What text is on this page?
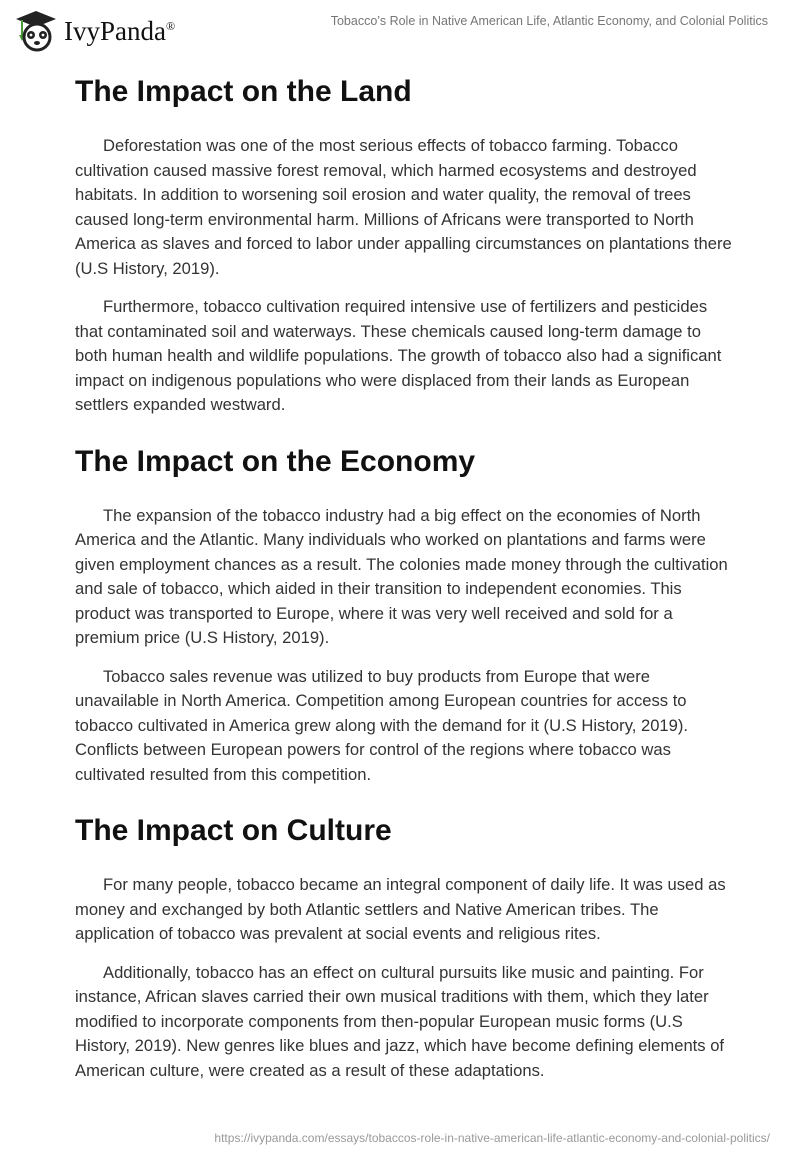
IvyPanda®	Tobacco’s Role in Native American Life, Atlantic Economy, and Colonial Politics
The Impact on the Land

Deforestation was one of the most serious effects of tobacco farming. Tobacco cultivation caused massive forest removal, which harmed ecosystems and destroyed habitats. In addition to worsening soil erosion and water quality, the removal of trees caused long-term environmental harm. Millions of Africans were transported to North America as slaves and forced to labor under appalling circumstances on plantations there (U.S History, 2019).

Furthermore, tobacco cultivation required intensive use of fertilizers and pesticides that contaminated soil and waterways. These chemicals caused long-term damage to both human health and wildlife populations. The growth of tobacco also had a significant impact on indigenous populations who were displaced from their lands as European settlers expanded westward.

The Impact on the Economy

The expansion of the tobacco industry had a big effect on the economies of North America and the Atlantic. Many individuals who worked on plantations and farms were given employment chances as a result. The colonies made money through the cultivation and sale of tobacco, which aided in their transition to independent economies. This product was transported to Europe, where it was very well received and sold for a premium price (U.S History, 2019).

Tobacco sales revenue was utilized to buy products from Europe that were unavailable in North America. Competition among European countries for access to tobacco cultivated in America grew along with the demand for it (U.S History, 2019). Conflicts between European powers for control of the regions where tobacco was cultivated resulted from this competition.

The Impact on Culture

For many people, tobacco became an integral component of daily life. It was used as money and exchanged by both Atlantic settlers and Native American tribes. The application of tobacco was prevalent at social events and religious rites.

Additionally, tobacco has an effect on cultural pursuits like music and painting. For instance, African slaves carried their own musical traditions with them, which they later modified to incorporate components from then-popular European music forms (U.S History, 2019). New genres like blues and jazz, which have become defining elements of American culture, were created as a result of these adaptations.

https://ivypanda.com/essays/tobaccos-role-in-native-american-life-atlantic-economy-and-colonial-politics/
